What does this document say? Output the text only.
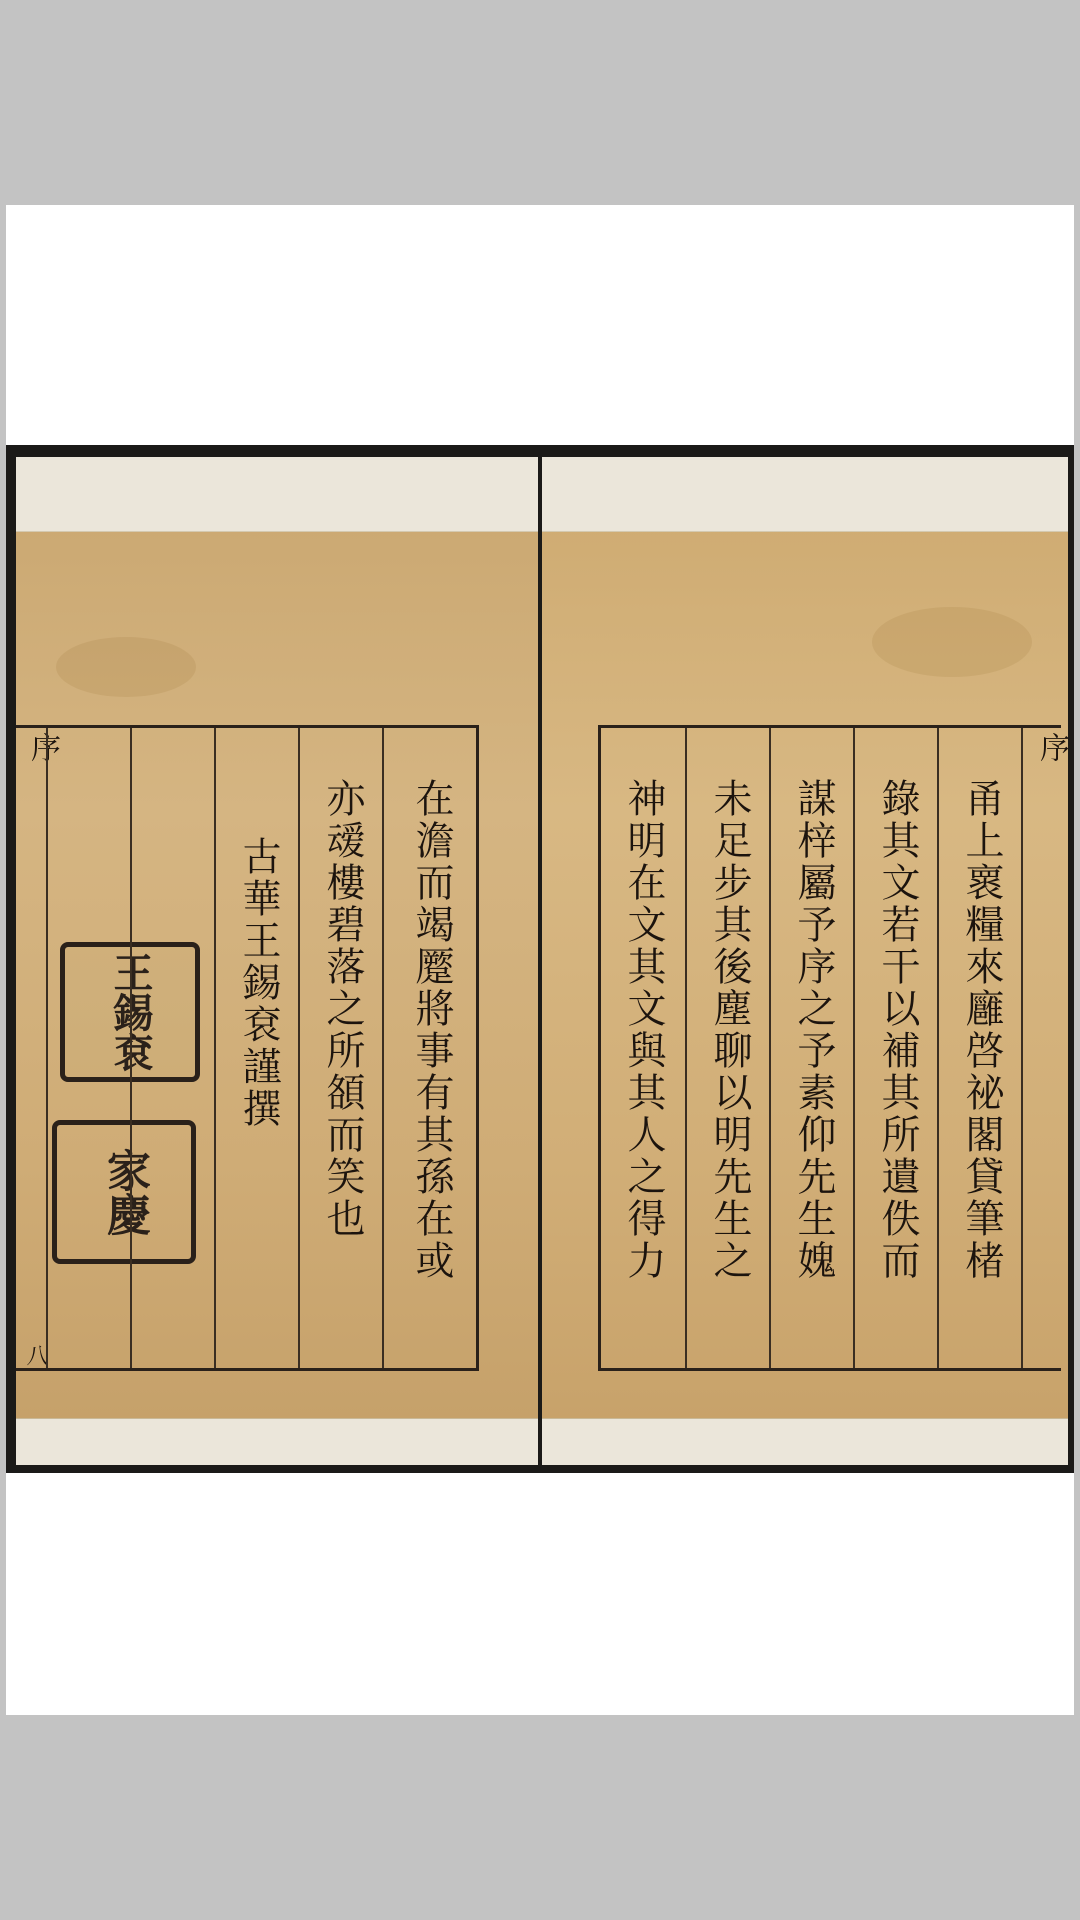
序
八
王錫袞
家慶
古華王錫袞謹撰 亦叆樓碧落之所頟而笑也 在澹而竭蹷將事有其孫在或	神明在文其文與其人之得力 未足步其後塵聊以明先生之 謀梓屬予序之予素仰先生媿 錄其文若干以補其所遺佚而 甬上褱糧來廱啓祕閣貸筆楮
序
